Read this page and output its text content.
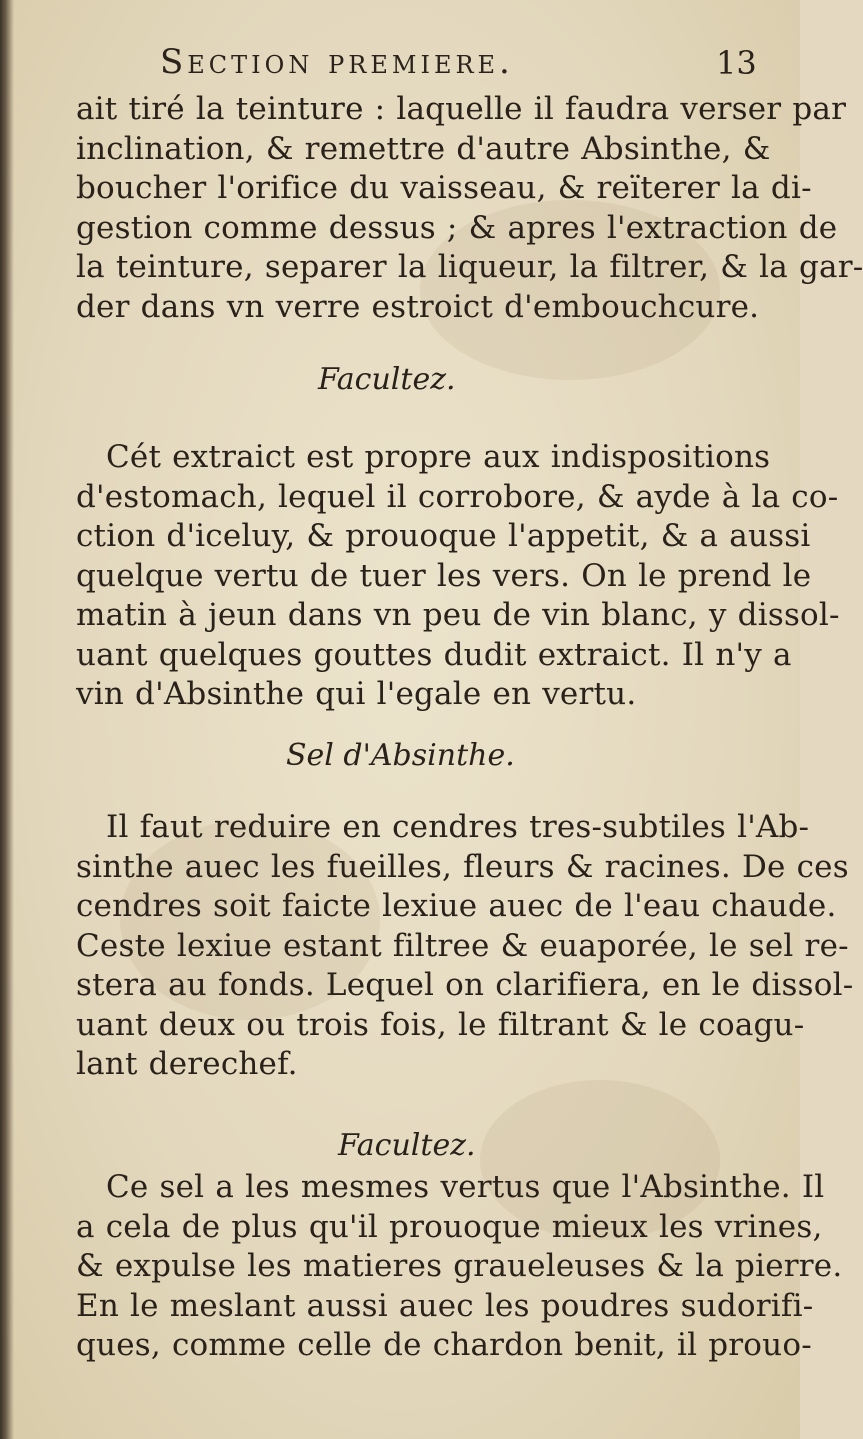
Section premiere.	13
ait tiré la teinture : laquelle il faudra verser par
inclination, & remettre d'autre Absinthe, &
boucher l'orifice du vaisseau, & reïterer la di-
gestion comme dessus ; & apres l'extraction de
la teinture, separer la liqueur, la filtrer, & la gar-
der dans vn verre estroict d'embouchcure.
Facultez.
Cét extraict est propre aux indispositions
d'estomach, lequel il corrobore, & ayde à la co-
ction d'iceluy, & prouoque l'appetit, & a aussi
quelque vertu de tuer les vers. On le prend le
matin à jeun dans vn peu de vin blanc, y dissol-
uant quelques gouttes dudit extraict. Il n'y a
vin d'Absinthe qui l'egale en vertu.
Sel d'Absinthe.
Il faut reduire en cendres tres-subtiles l'Ab-
sinthe auec les fueilles, fleurs & racines. De ces
cendres soit faicte lexiue auec de l'eau chaude.
Ceste lexiue estant filtree & euaporée, le sel re-
stera au fonds. Lequel on clarifiera, en le dissol-
uant deux ou trois fois, le filtrant & le coagu-
lant derechef.
Facultez.
Ce sel a les mesmes vertus que l'Absinthe. Il
a cela de plus qu'il prouoque mieux les vrines,
& expulse les matieres graueleuses & la pierre.
En le meslant aussi auec les poudres sudorifi-
ques, comme celle de chardon benit, il prouo-
